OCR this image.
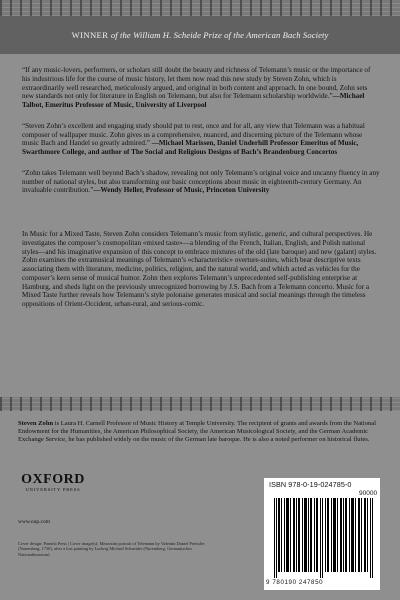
WINNER of the William H. Scheide Prize of the American Bach Society

“If any music-lovers, performers, or scholars still doubt the beauty and richness of Telemann’s music or the importance of his industrious life for the course of music history, let them now read this new study by Steven Zohn, which is extraordinarily well researched, meticulously argued, and original in both content and approach. In one bound, Zohn sets new standards not only for literature in English on Telemann, but also for Telemann scholarship worldwide.”—Michael Talbot, Emeritus Professor of Music, University of Liverpool

“Steven Zohn’s excellent and engaging study should put to rest, once and for all, any view that Telemann was a habitual composer of wallpaper music. Zohn gives us a comprehensive, nuanced, and discerning picture of the Telemann whose music Bach and Handel so greatly admired.” —Michael Marissen, Daniel Underhill Professor Emeritus of Music, Swarthmore College, and author of The Social and Religious Designs of Bach’s Brandenburg Concertos

“Zohn takes Telemann well beyond Bach’s shadow, revealing not only Telemann’s original voice and uncanny fluency in any number of national styles, but also transforming our basic conceptions about music in eighteenth-century Germany. An invaluable contribution.”—Wendy Heller, Professor of Music, Princeton University

In Music for a Mixed Taste, Steven Zohn considers Telemann’s music from stylistic, generic, and cultural perspectives. He investigates the composer’s cosmopolitan «mixed taste»—a blending of the French, Italian, English, and Polish national styles—and his imaginative expansion of this concept to embrace mixtures of the old (late baroque) and new (galant) styles. Zohn examines the extramusical meanings of Telemann’s «characteristic» overture-suites, which bear descriptive texts associating them with literature, medicine, politics, religion, and the natural world, and which acted as vehicles for the composer’s keen sense of musical humor. Zohn then explores Telemann’s unprecedented self-publishing enterprise at Hamburg, and sheds light on the previously unrecognized borrowing by J.S. Bach from a Telemann concerto. Music for a Mixed Taste further reveals how Telemann’s style polonaise generates musical and social meanings through the timeless oppositions of Orient-Occident, urban-rural, and serious-comic.

Steven Zohn is Laura H. Carnell Professor of Music History at Temple University. The recipient of grants and awards from the National Endowment for the Humanities, the American Philosophical Society, the American Musicological Society, and the German Academic Exchange Service, he has published widely on the music of the German late baroque. He is also a noted performer on historical flutes.

OXFORD
UNIVERSITY PRESS
www.oup.com
Cover design: Pamela Press | Cover image(s): Mezzotint portrait of Telemann by Valentin Daniel Preissler (Nuremberg, 1750), after a lost painting by Ludwig Michael Schneider (Nuremberg, Germanisches Nationalmuseum)
ISBN 978-0-19-024785-0
90000
9 780190 247850
